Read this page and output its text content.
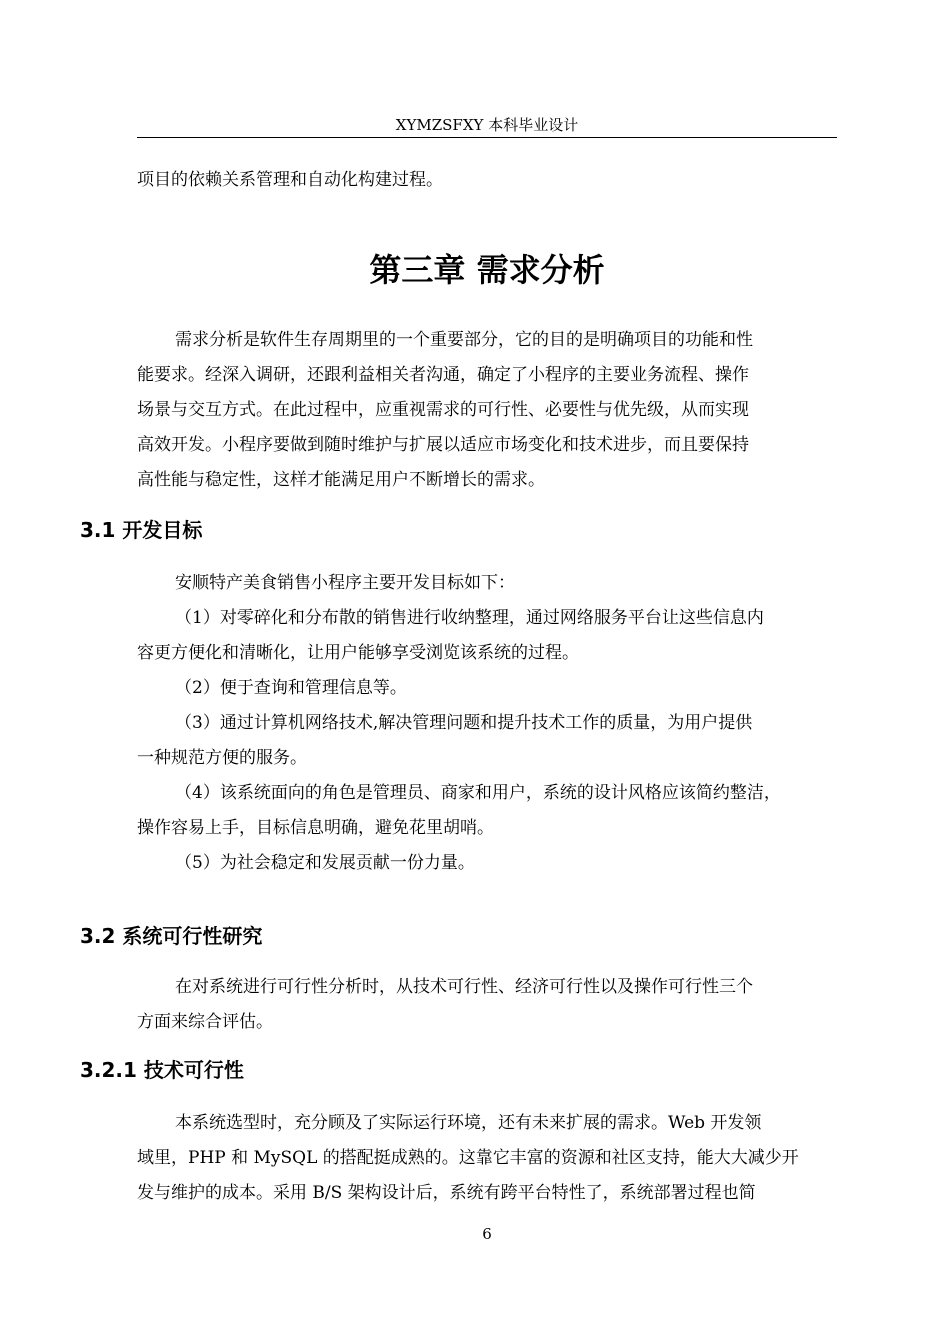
XYMZSFXY 本科毕业设计

项目的依赖关系管理和自动化构建过程。

第三章 需求分析

需求分析是软件生存周期里的一个重要部分，它的目的是明确项目的功能和性
能要求。经深入调研，还跟利益相关者沟通，确定了小程序的主要业务流程、操作
场景与交互方式。在此过程中，应重视需求的可行性、必要性与优先级，从而实现
高效开发。小程序要做到随时维护与扩展以适应市场变化和技术进步，而且要保持
高性能与稳定性，这样才能满足用户不断增长的需求。

3.1 开发目标

安顺特产美食销售小程序主要开发目标如下：
（1）对零碎化和分布散的销售进行收纳整理，通过网络服务平台让这些信息内
容更方便化和清晰化，让用户能够享受浏览该系统的过程。
（2）便于查询和管理信息等。
（3）通过计算机网络技术,解决管理问题和提升技术工作的质量，为用户提供
一种规范方便的服务。
（4）该系统面向的角色是管理员、商家和用户，系统的设计风格应该简约整洁，
操作容易上手，目标信息明确，避免花里胡哨。
（5）为社会稳定和发展贡献一份力量。

3.2 系统可行性研究

在对系统进行可行性分析时，从技术可行性、经济可行性以及操作可行性三个
方面来综合评估。

3.2.1 技术可行性

本系统选型时，充分顾及了实际运行环境，还有未来扩展的需求。Web 开发领
域里，PHP 和 MySQL 的搭配挺成熟的。这靠它丰富的资源和社区支持，能大大减少开
发与维护的成本。采用 B/S 架构设计后，系统有跨平台特性了，系统部署过程也简

6
